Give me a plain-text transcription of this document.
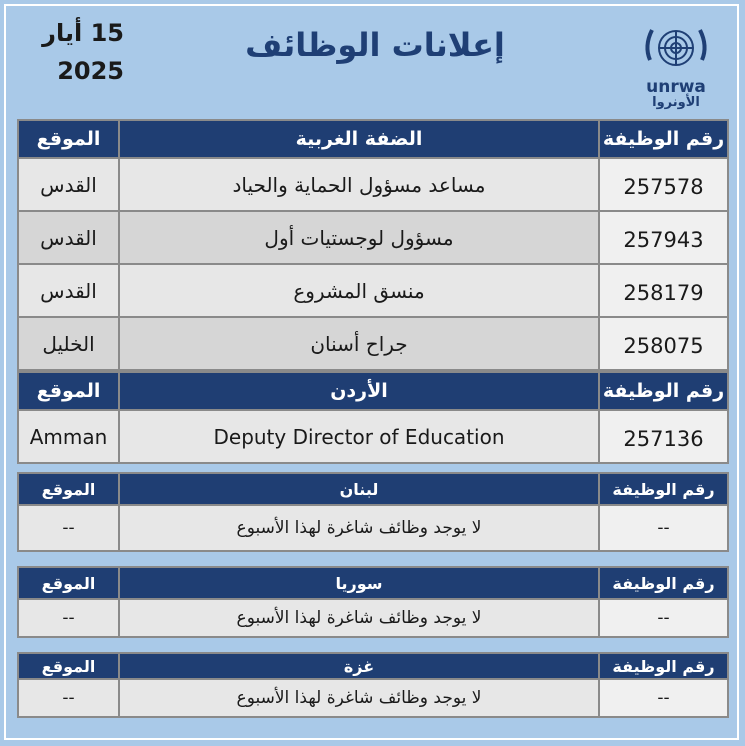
15 أيار
2025
إعلانات الوظائف
unrwa
الأونروا
الموقع	الضفة الغربية	رقم الوظيفة
القدس	مساعد مسؤول الحماية والحياد	257578
القدس	مسؤول لوجستيات أول	257943
القدس	منسق المشروع	258179
الخليل	جراح أسنان	258075
الموقع	الأردن	رقم الوظيفة
Amman	Deputy Director of Education	257136
الموقع	لبنان	رقم الوظيفة
--	لا يوجد وظائف شاغرة لهذا الأسبوع	--
الموقع	سوريا	رقم الوظيفة
--	لا يوجد وظائف شاغرة لهذا الأسبوع	--
الموقع	غزة	رقم الوظيفة
--	لا يوجد وظائف شاغرة لهذا الأسبوع	--
